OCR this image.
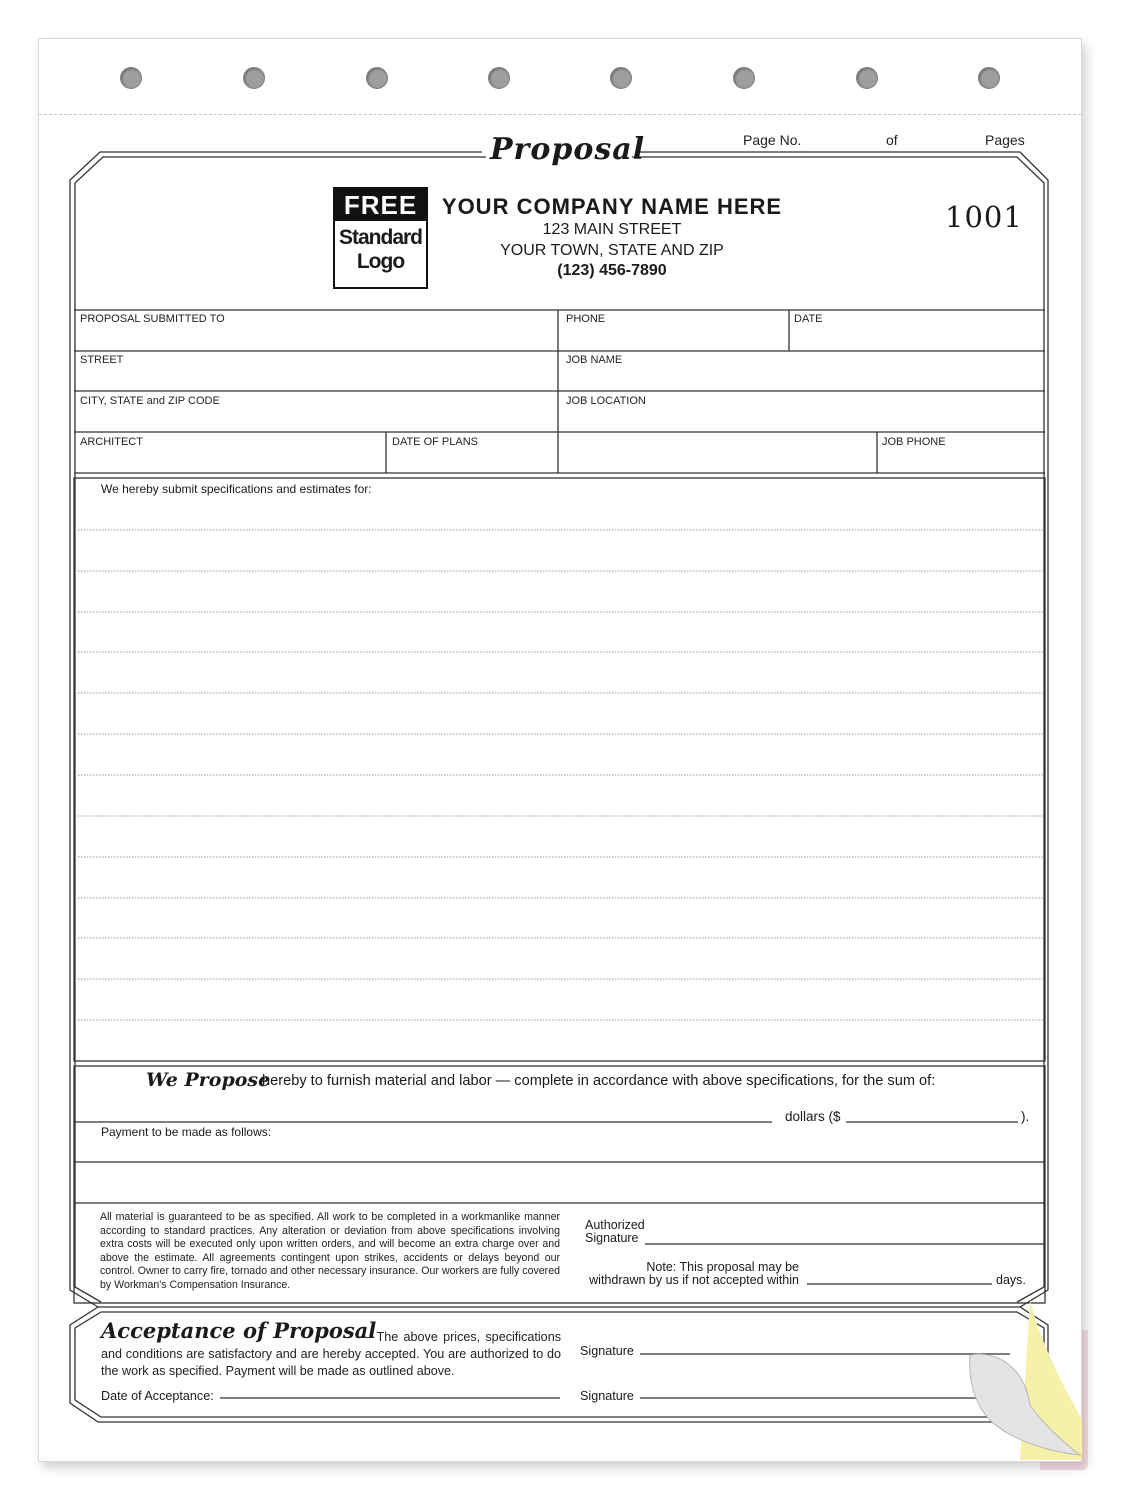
Proposal	Page No.	of	Pages
FREE
Standard
Logo
YOUR COMPANY NAME HERE
123 MAIN STREET
YOUR TOWN, STATE AND ZIP
(123) 456-7890
1001
PROPOSAL SUBMITTED TO	PHONE	DATE
STREET	JOB NAME
CITY, STATE and ZIP CODE	JOB LOCATION
ARCHITECT	DATE OF PLANS	JOB PHONE
We hereby submit specifications and estimates for:
We Propose
hereby to furnish material and labor — complete in accordance with above specifications, for the sum of:
dollars ($	).
Payment to be made as follows:
All material is guaranteed to be as specified. All work to be completed in a workmanlike manner according to standard practices. Any alteration or deviation from above specifications involving extra costs will be executed only upon written orders, and will become an extra charge over and above the estimate. All agreements contingent upon strikes, accidents or delays beyond our control. Owner to carry fire, tornado and other necessary insurance. Our workers are fully covered by Workman's Compensation Insurance.
Authorized
Signature
Note: This proposal may be
withdrawn by us if not accepted within	days.
Acceptance of Proposal
— The above prices, specifications and conditions are satisfactory and are hereby accepted. You are authorized to do the work as specified. Payment will be made as outlined above.
Date of Acceptance:
Signature
Signature
